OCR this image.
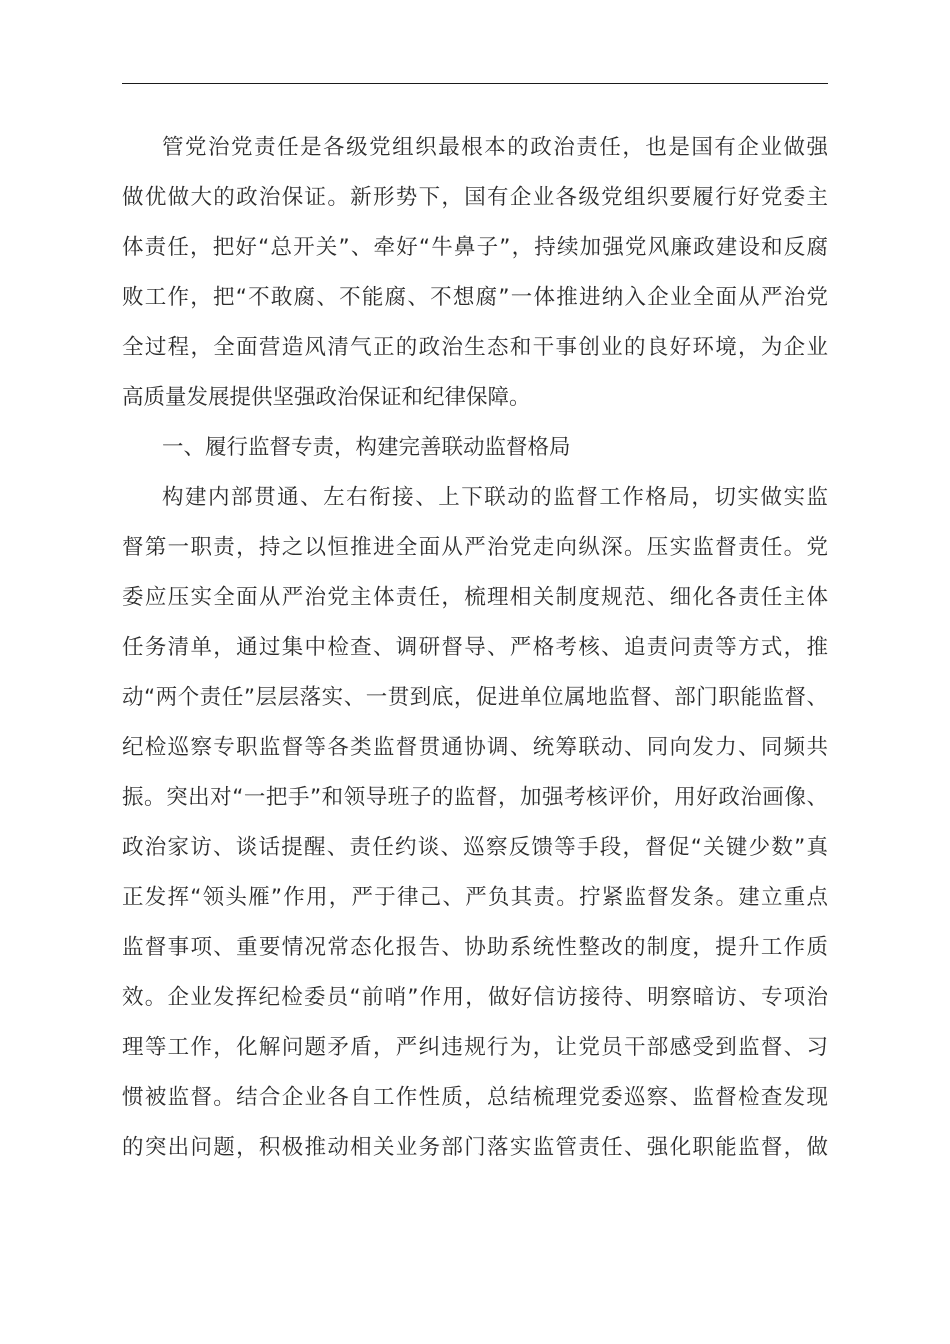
管党治党责任是各级党组织最根本的政治责任，也是国有企业做强
做优做大的政治保证。新形势下，国有企业各级党组织要履行好党委主
体责任，把好“总开关”、牵好“牛鼻子”，持续加强党风廉政建设和反腐
败工作，把“不敢腐、不能腐、不想腐”一体推进纳入企业全面从严治党
全过程，全面营造风清气正的政治生态和干事创业的良好环境，为企业
高质量发展提供坚强政治保证和纪律保障。
一、履行监督专责，构建完善联动监督格局
构建内部贯通、左右衔接、上下联动的监督工作格局，切实做实监
督第一职责，持之以恒推进全面从严治党走向纵深。压实监督责任。党
委应压实全面从严治党主体责任，梳理相关制度规范、细化各责任主体
任务清单，通过集中检查、调研督导、严格考核、追责问责等方式，推
动“两个责任”层层落实、一贯到底，促进单位属地监督、部门职能监督、
纪检巡察专职监督等各类监督贯通协调、统筹联动、同向发力、同频共
振。突出对“一把手”和领导班子的监督，加强考核评价，用好政治画像、
政治家访、谈话提醒、责任约谈、巡察反馈等手段，督促“关键少数”真
正发挥“领头雁”作用，严于律己、严负其责。拧紧监督发条。建立重点
监督事项、重要情况常态化报告、协助系统性整改的制度，提升工作质
效。企业发挥纪检委员“前哨”作用，做好信访接待、明察暗访、专项治
理等工作，化解问题矛盾，严纠违规行为，让党员干部感受到监督、习
惯被监督。结合企业各自工作性质，总结梳理党委巡察、监督检查发现
的突出问题，积极推动相关业务部门落实监管责任、强化职能监督，做
